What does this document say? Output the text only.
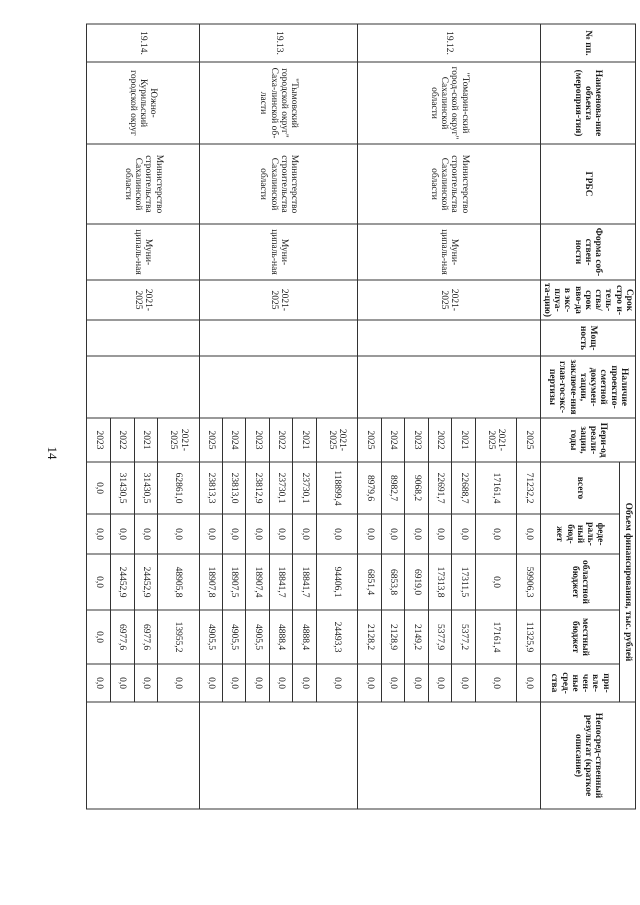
14
№ пп.	Наименова-ние объекта (мероприя-тия)	ГРБС	Форма соб-ствен-ности	Срок стро и-тель-ства/ срок вво-да в экс-плуа-та-цию)	Мощ-ность	Наличие проектно-сметной докумен-тации, заключе-ния глав-госэкс-пертизы	Пери-од реали-зации, годы	Объем финансирования, тыс. рублей					Непосред-ственный результат (краткое описание)
								всего	феде-раль-ный бюд-жет	областной бюджет	местный бюджет	при-вле-чен-ные сред-ства	
19.12.	"Томарин-ский город-ской округ" Сахалинской области	Министерство строительства Сахалинской области	Муни-ципаль-ная	2021-2025			2025	71232,2	0,0	59906,3	11325,9	0,0	
							2021-2025	17161,4	0,0	0,0	17161,4	0,0	
							2021	22688,7	0,0	17311,5	5377,2	0,0	
							2022	22691,7	0,0	17313,8	5377,9	0,0	
							2023	9068,2	0,0	6919,0	2149,2	0,0	
							2024	8982,7	0,0	6853,8	2128,9	0,0	
							2025	8979,6	0,0	6851,4	2128,2	0,0	
19.13.	"Тымовский городской округ" Саха-линской об-ласти	Министерство строительства Сахалинской области	Муни-ципаль-ная	2021-2025			2021-2025	118899,4	0,0	94406,1	24493,3	0,0	
							2021	23730,1	0,0	18841,7	4888,4	0,0	
							2022	23730,1	0,0	18841,7	4888,4	0,0	
							2023	23812,9	0,0	18907,4	4905,5	0,0	
							2024	23813,0	0,0	18907,5	4905,5	0,0	
							2025	23813,3	0,0	18907,8	4905,5	0,0	
19.14.	Южно-Курильский городской округ	Министерство строительства Сахалинской области	Муни-ципаль-ная	2021-2025			2021-2025	62861,0	0,0	48905,8	13955,2	0,0	
							2021	31430,5	0,0	24452,9	6977,6	0,0	
							2022	31430,5	0,0	24452,9	6977,6	0,0	
							2023	0,0	0,0	0,0	0,0	0,0	
